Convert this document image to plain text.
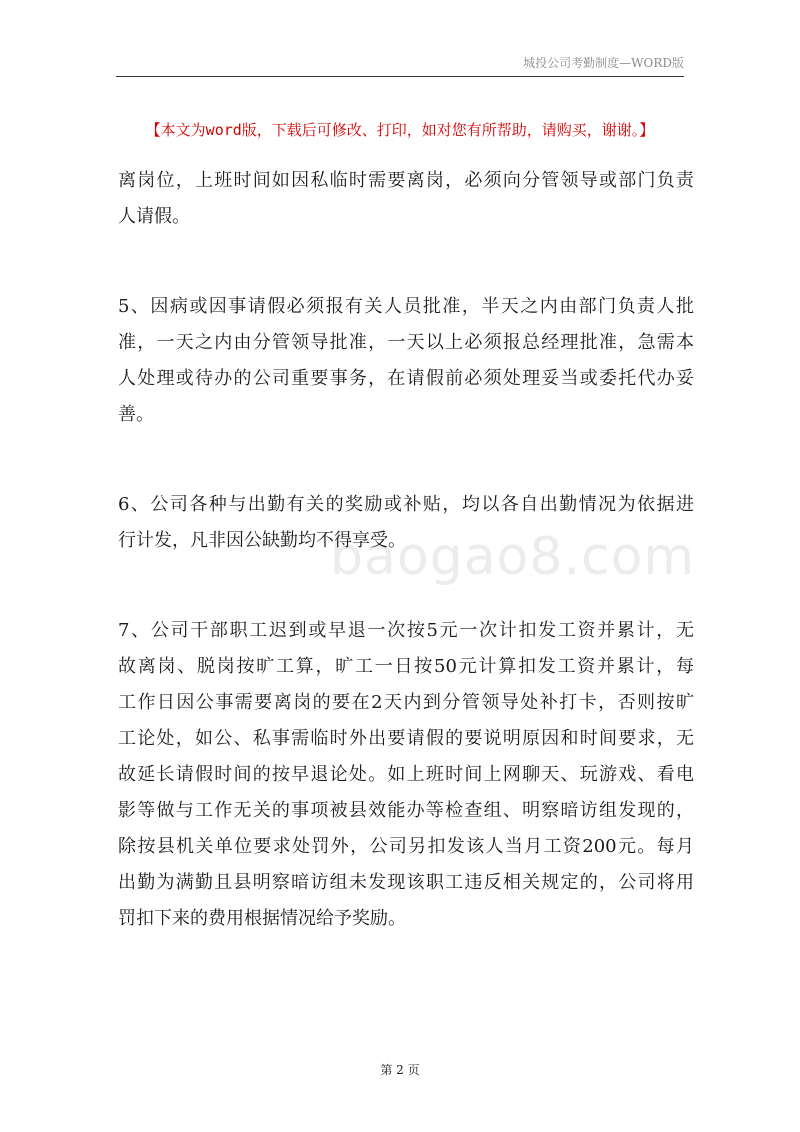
城投公司考勤制度—WORD版
【本文为word版，下载后可修改、打印，如对您有所帮助，请购买，谢谢。】
baogao8.com
离岗位，上班时间如因私临时需要离岗，必须向分管领导或部门负责
人请假。
5、因病或因事请假必须报有关人员批准，半天之内由部门负责人批
准，一天之内由分管领导批准，一天以上必须报总经理批准，急需本
人处理或待办的公司重要事务，在请假前必须处理妥当或委托代办妥
善。
6、公司各种与出勤有关的奖励或补贴，均以各自出勤情况为依据进
行计发，凡非因公缺勤均不得享受。
7、公司干部职工迟到或早退一次按5元一次计扣发工资并累计，无
故离岗、脱岗按旷工算，旷工一日按50元计算扣发工资并累计，每
工作日因公事需要离岗的要在2天内到分管领导处补打卡，否则按旷
工论处，如公、私事需临时外出要请假的要说明原因和时间要求，无
故延长请假时间的按早退论处。如上班时间上网聊天、玩游戏、看电
影等做与工作无关的事项被县效能办等检查组、明察暗访组发现的，
除按县机关单位要求处罚外，公司另扣发该人当月工资200元。每月
出勤为满勤且县明察暗访组未发现该职工违反相关规定的，公司将用
罚扣下来的费用根据情况给予奖励。
第 2 页
